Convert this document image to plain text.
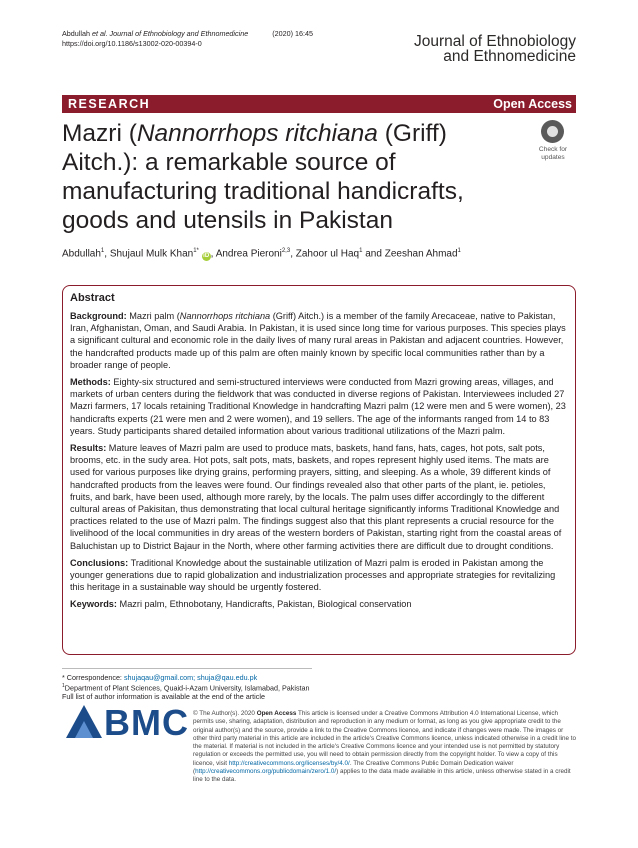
Abdullah et al. Journal of Ethnobiology and Ethnomedicine	(2020) 16:45
https://doi.org/10.1186/s13002-020-00394-0	Journal of Ethnobiology
and Ethnomedicine
RESEARCH	Open Access
Mazri (Nannorrhops ritchiana (Griff) Aitch.): a remarkable source of manufacturing traditional handicrafts, goods and utensils in Pakistan
Check for
updates
Abdullah$^1$, Shujaul Mulk Khan$^{1*}$ iD , Andrea Pieroni$^{2,3}$, Zahoor ul Haq$^1$ and Zeeshan Ahmad$^1$
Abstract

Background: Mazri palm (Nannorrhops ritchiana (Griff) Aitch.) is a member of the family Arecaceae, native to Pakistan, Iran, Afghanistan, Oman, and Saudi Arabia. In Pakistan, it is used since long time for various purposes. This species plays a significant cultural and economic role in the daily lives of many rural areas in Pakistan and adjacent countries. However, the handcrafted products made up of this palm are often mainly known by specific local communities rather than by a broader range of people.

Methods: Eighty-six structured and semi-structured interviews were conducted from Mazri growing areas, villages, and markets of urban centers during the fieldwork that was conducted in diverse regions of Pakistan. Interviewees included 27 Mazri farmers, 17 locals retaining Traditional Knowledge in handcrafting Mazri palm (12 were men and 5 were women), 23 handicrafts experts (21 were men and 2 were women), and 19 sellers. The age of the informants ranged from 14 to 83 years. Study participants shared detailed information about various traditional utilizations of the Mazri palm.

Results: Mature leaves of Mazri palm are used to produce mats, baskets, hand fans, hats, cages, hot pots, salt pots, brooms, etc. in the sudy area. Hot pots, salt pots, mats, baskets, and ropes represent highly used items. The mats are used for various purposes like drying grains, performing prayers, sitting, and sleeping. As a whole, 39 different kinds of handcrafted products from the leaves were found. Our findings revealed also that other parts of the plant, ie. petioles, fruits, and bark, have been used, although more rarely, by the locals. The palm uses differ accordingly to the different cultural areas of Pakisitan, thus demonstrating that local cultural heritage significantly informs Traditional Knowledge and practices related to the use of Mazri palm. The findings suggest also that this plant represents a crucial resource for the livelihood of the local communities in dry areas of the western borders of Pakistan, starting right from the coastal areas of Baluchistan up to District Bajaur in the North, where other farming activities there are difficult due to drought conditions.

Conclusions: Traditional Knowledge about the sustainable utilization of Mazri palm is eroded in Pakistan among the younger generations due to rapid globalization and industrialization processes and appropriate strategies for revitalizing this heritage in a sustainable way should be urgently fostered.

Keywords: Mazri palm, Ethnobotany, Handicrafts, Pakistan, Biological conservation

* Correspondence: shujaqau@gmail.com; shuja@qau.edu.pk
$^1$Department of Plant Sciences, Quaid-i-Azam University, Islamabad, Pakistan
Full list of author information is available at the end of the article
BMC © The Author(s). 2020 Open Access This article is licensed under a Creative Commons Attribution 4.0 International License, which permits use, sharing, adaptation, distribution and reproduction in any medium or format, as long as you give appropriate credit to the original author(s) and the source, provide a link to the Creative Commons licence, and indicate if changes were made. The images or other third party material in this article are included in the article's Creative Commons licence, unless indicated otherwise in a credit line to the material. If material is not included in the article's Creative Commons licence and your intended use is not permitted by statutory regulation or exceeds the permitted use, you will need to obtain permission directly from the copyright holder. To view a copy of this licence, visit http://creativecommons.org/licenses/by/4.0/. The Creative Commons Public Domain Dedication waiver (http://creativecommons.org/publicdomain/zero/1.0/) applies to the data made available in this article, unless otherwise stated in a credit line to the data.
